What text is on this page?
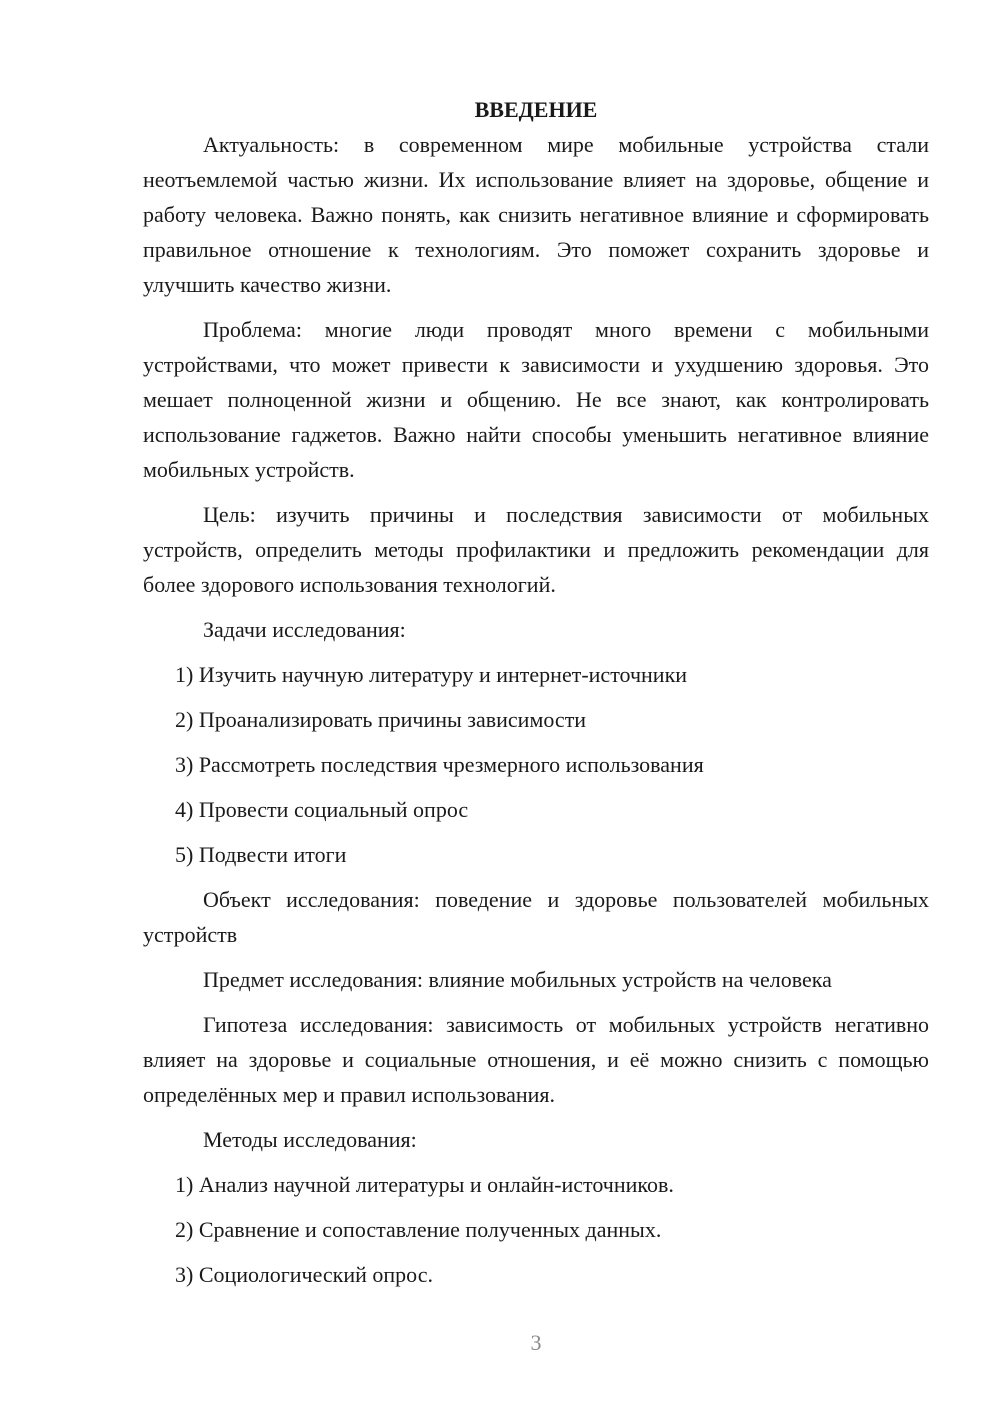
ВВЕДЕНИЕ

Актуальность: в современном мире мобильные устройства стали неотъемлемой частью жизни. Их использование влияет на здоровье, общение и работу человека. Важно понять, как снизить негативное влияние и сформировать правильное отношение к технологиям. Это поможет сохранить здоровье и улучшить качество жизни.

Проблема: многие люди проводят много времени с мобильными устройствами, что может привести к зависимости и ухудшению здоровья. Это мешает полноценной жизни и общению. Не все знают, как контролировать использование гаджетов. Важно найти способы уменьшить негативное влияние мобильных устройств.

Цель: изучить причины и последствия зависимости от мобильных устройств, определить методы профилактики и предложить рекомендации для более здорового использования технологий.

Задачи исследования:

1) Изучить научную литературу и интернет-источники

2) Проанализировать причины зависимости

3) Рассмотреть последствия чрезмерного использования

4) Провести социальный опрос

5) Подвести итоги

Объект исследования: поведение и здоровье пользователей мобильных устройств

Предмет исследования: влияние мобильных устройств на человека

Гипотеза исследования: зависимость от мобильных устройств негативно влияет на здоровье и социальные отношения, и её можно снизить с помощью определённых мер и правил использования.

Методы исследования:

1) Анализ научной литературы и онлайн-источников.

2) Сравнение и сопоставление полученных данных.

3) Социологический опрос.

3
